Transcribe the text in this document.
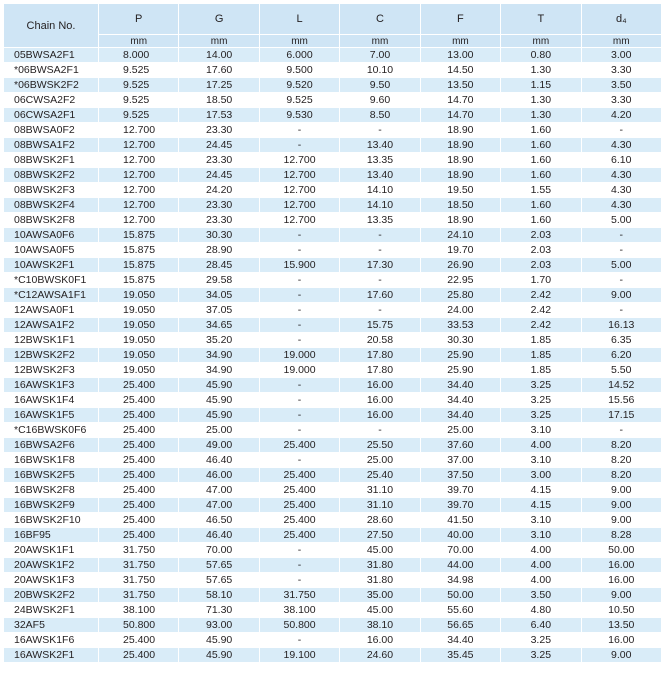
Chain No.	P	G	L	C	F	T	d₄
	mm	mm	mm	mm	mm	mm	mm
05BWSA2F1	8.000	14.00	6.000	7.00	13.00	0.80	3.00
*06BWSA2F1	9.525	17.60	9.500	10.10	14.50	1.30	3.30
*06BWSK2F2	9.525	17.25	9.520	9.50	13.50	1.15	3.50
06CWSA2F2	9.525	18.50	9.525	9.60	14.70	1.30	3.30
06CWSA2F1	9.525	17.53	9.530	8.50	14.70	1.30	4.20
08BWSA0F2	12.700	23.30	-	-	18.90	1.60	-
08BWSA1F2	12.700	24.45	-	13.40	18.90	1.60	4.30
08BWSK2F1	12.700	23.30	12.700	13.35	18.90	1.60	6.10
08BWSK2F2	12.700	24.45	12.700	13.40	18.90	1.60	4.30
08BWSK2F3	12.700	24.20	12.700	14.10	19.50	1.55	4.30
08BWSK2F4	12.700	23.30	12.700	14.10	18.50	1.60	4.30
08BWSK2F8	12.700	23.30	12.700	13.35	18.90	1.60	5.00
10AWSA0F6	15.875	30.30	-	-	24.10	2.03	-
10AWSA0F5	15.875	28.90	-	-	19.70	2.03	-
10AWSK2F1	15.875	28.45	15.900	17.30	26.90	2.03	5.00
*C10BWSK0F1	15.875	29.58	-	-	22.95	1.70	-
*C12AWSA1F1	19.050	34.05	-	17.60	25.80	2.42	9.00
12AWSA0F1	19.050	37.05	-	-	24.00	2.42	-
12AWSA1F2	19.050	34.65	-	15.75	33.53	2.42	16.13
12BWSK1F1	19.050	35.20	-	20.58	30.30	1.85	6.35
12BWSK2F2	19.050	34.90	19.000	17.80	25.90	1.85	6.20
12BWSK2F3	19.050	34.90	19.000	17.80	25.90	1.85	5.50
16AWSK1F3	25.400	45.90	-	16.00	34.40	3.25	14.52
16AWSK1F4	25.400	45.90	-	16.00	34.40	3.25	15.56
16AWSK1F5	25.400	45.90	-	16.00	34.40	3.25	17.15
*C16BWSK0F6	25.400	25.00	-	-	25.00	3.10	-
16BWSA2F6	25.400	49.00	25.400	25.50	37.60	4.00	8.20
16BWSK1F8	25.400	46.40	-	25.00	37.00	3.10	8.20
16BWSK2F5	25.400	46.00	25.400	25.40	37.50	3.00	8.20
16BWSK2F8	25.400	47.00	25.400	31.10	39.70	4.15	9.00
16BWSK2F9	25.400	47.00	25.400	31.10	39.70	4.15	9.00
16BWSK2F10	25.400	46.50	25.400	28.60	41.50	3.10	9.00
16BF95	25.400	46.40	25.400	27.50	40.00	3.10	8.28
20AWSK1F1	31.750	70.00	-	45.00	70.00	4.00	50.00
20AWSK1F2	31.750	57.65	-	31.80	44.00	4.00	16.00
20AWSK1F3	31.750	57.65	-	31.80	34.98	4.00	16.00
20BWSK2F2	31.750	58.10	31.750	35.00	50.00	3.50	9.00
24BWSK2F1	38.100	71.30	38.100	45.00	55.60	4.80	10.50
32AF5	50.800	93.00	50.800	38.10	56.65	6.40	13.50
16AWSK1F6	25.400	45.90	-	16.00	34.40	3.25	16.00
16AWSK2F1	25.400	45.90	19.100	24.60	35.45	3.25	9.00
